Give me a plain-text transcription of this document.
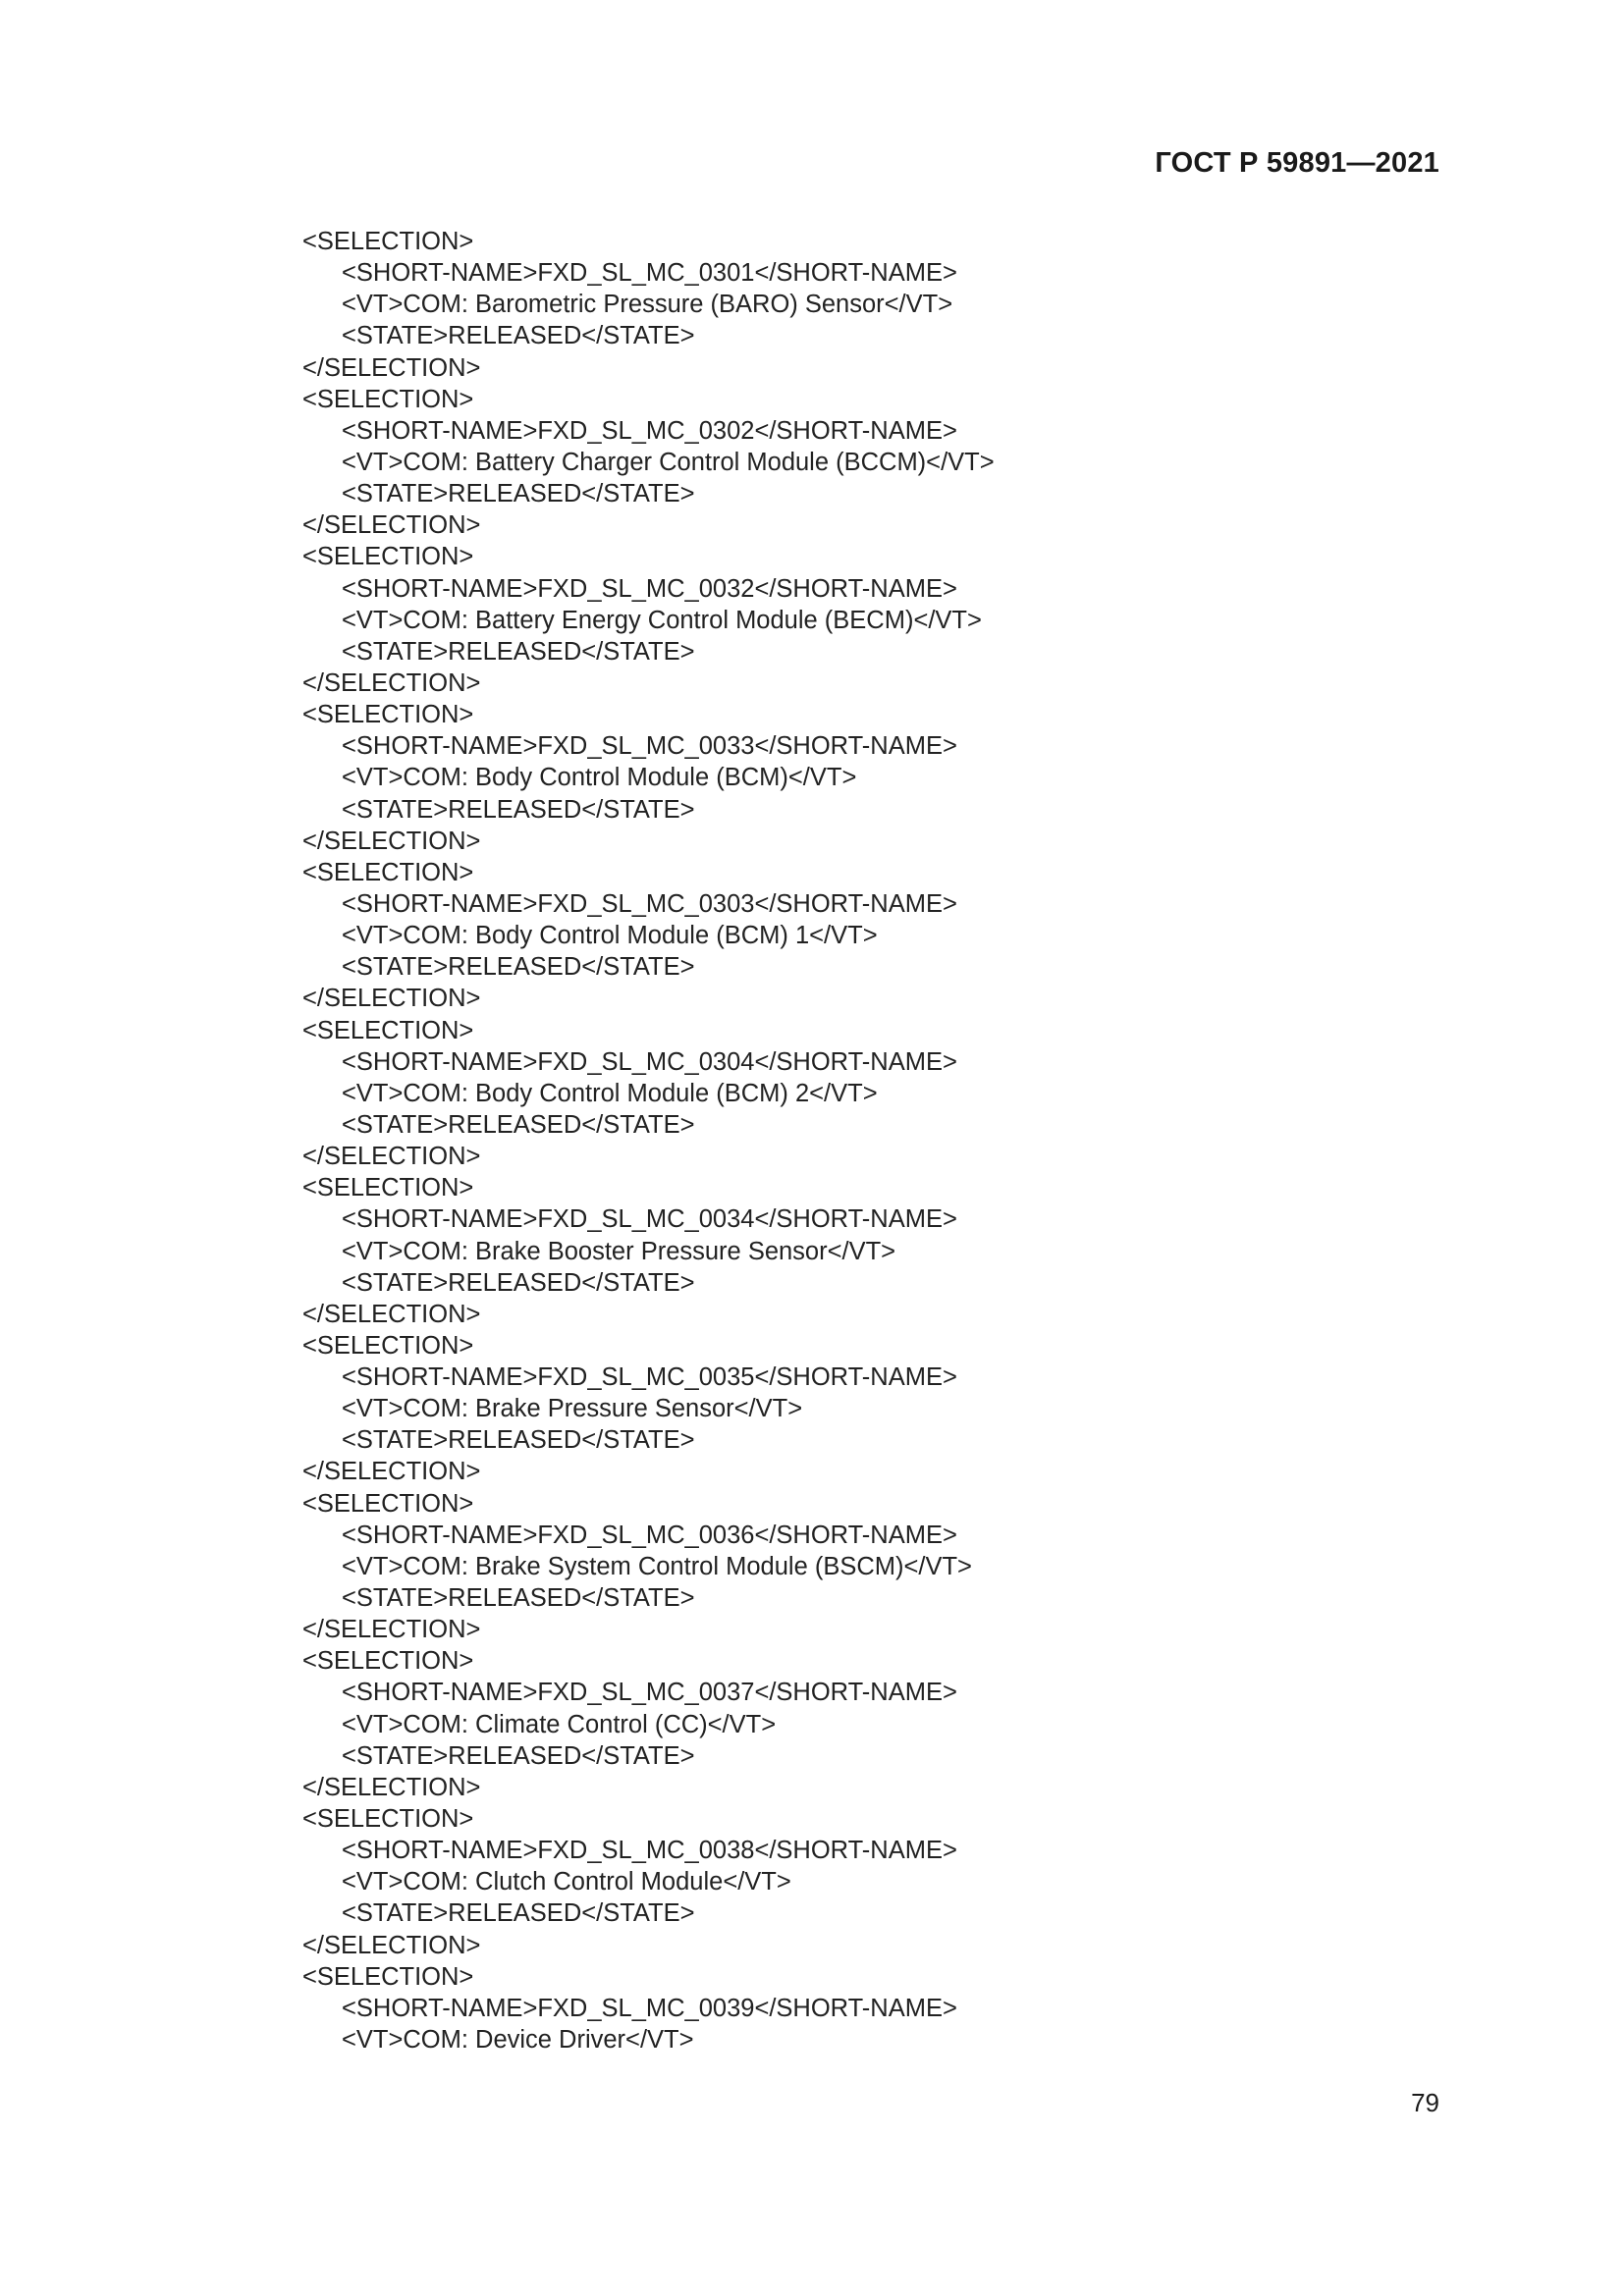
ГОСТ Р 59891—2021
<SELECTION>
<SHORT-NAME>FXD_SL_MC_0301</SHORT-NAME>
<VT>COM: Barometric Pressure (BARO) Sensor</VT>
<STATE>RELEASED</STATE>
</SELECTION>
<SELECTION>
<SHORT-NAME>FXD_SL_MC_0302</SHORT-NAME>
<VT>COM: Battery Charger Control Module (BCCM)</VT>
<STATE>RELEASED</STATE>
</SELECTION>
<SELECTION>
<SHORT-NAME>FXD_SL_MC_0032</SHORT-NAME>
<VT>COM: Battery Energy Control Module (BECM)</VT>
<STATE>RELEASED</STATE>
</SELECTION>
<SELECTION>
<SHORT-NAME>FXD_SL_MC_0033</SHORT-NAME>
<VT>COM: Body Control Module (BCM)</VT>
<STATE>RELEASED</STATE>
</SELECTION>
<SELECTION>
<SHORT-NAME>FXD_SL_MC_0303</SHORT-NAME>
<VT>COM: Body Control Module (BCM) 1</VT>
<STATE>RELEASED</STATE>
</SELECTION>
<SELECTION>
<SHORT-NAME>FXD_SL_MC_0304</SHORT-NAME>
<VT>COM: Body Control Module (BCM) 2</VT>
<STATE>RELEASED</STATE>
</SELECTION>
<SELECTION>
<SHORT-NAME>FXD_SL_MC_0034</SHORT-NAME>
<VT>COM: Brake Booster Pressure Sensor</VT>
<STATE>RELEASED</STATE>
</SELECTION>
<SELECTION>
<SHORT-NAME>FXD_SL_MC_0035</SHORT-NAME>
<VT>COM: Brake Pressure Sensor</VT>
<STATE>RELEASED</STATE>
</SELECTION>
<SELECTION>
<SHORT-NAME>FXD_SL_MC_0036</SHORT-NAME>
<VT>COM: Brake System Control Module (BSCM)</VT>
<STATE>RELEASED</STATE>
</SELECTION>
<SELECTION>
<SHORT-NAME>FXD_SL_MC_0037</SHORT-NAME>
<VT>COM: Climate Control (CC)</VT>
<STATE>RELEASED</STATE>
</SELECTION>
<SELECTION>
<SHORT-NAME>FXD_SL_MC_0038</SHORT-NAME>
<VT>COM: Clutch Control Module</VT>
<STATE>RELEASED</STATE>
</SELECTION>
<SELECTION>
<SHORT-NAME>FXD_SL_MC_0039</SHORT-NAME>
<VT>COM: Device Driver</VT>
79
